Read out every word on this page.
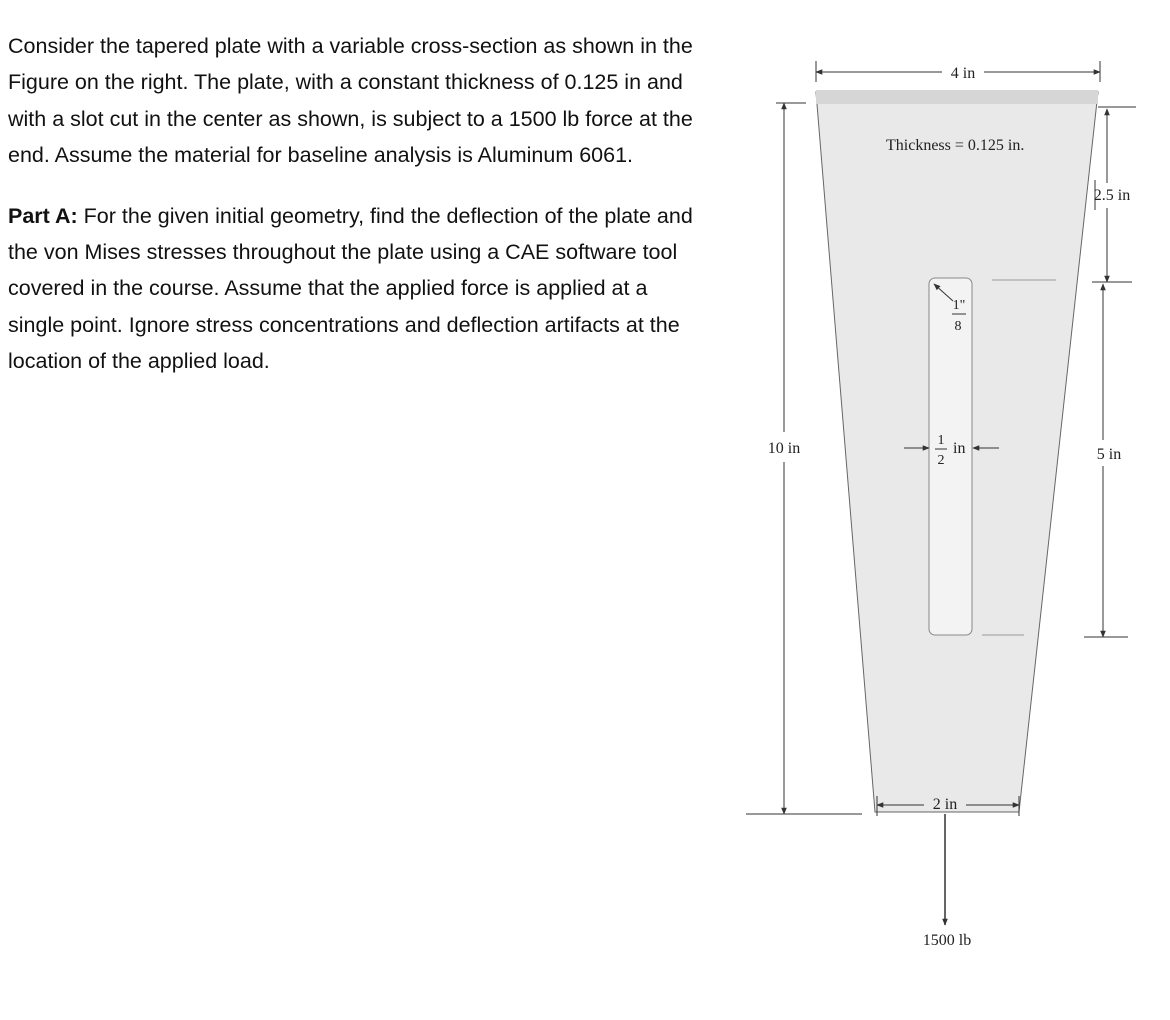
Consider the tapered plate with a variable cross-section as shown in the Figure on the right. The plate, with a constant thickness of 0.125 in and with a slot cut in the center as shown, is subject to a 1500 lb force at the end. Assume the material for baseline analysis is Aluminum 6061.

Part A: For the given initial geometry, find the deflection of the plate and the von Mises stresses throughout the plate using a CAE software tool covered in the course. Assume that the applied force is applied at a single point. Ignore stress concentrations and deflection artifacts at the location of the applied load.

4 in
Thickness = 0.125 in.
10 in
2.5 in
5 in
1"
8
1
2
in
2 in
1500 lb
